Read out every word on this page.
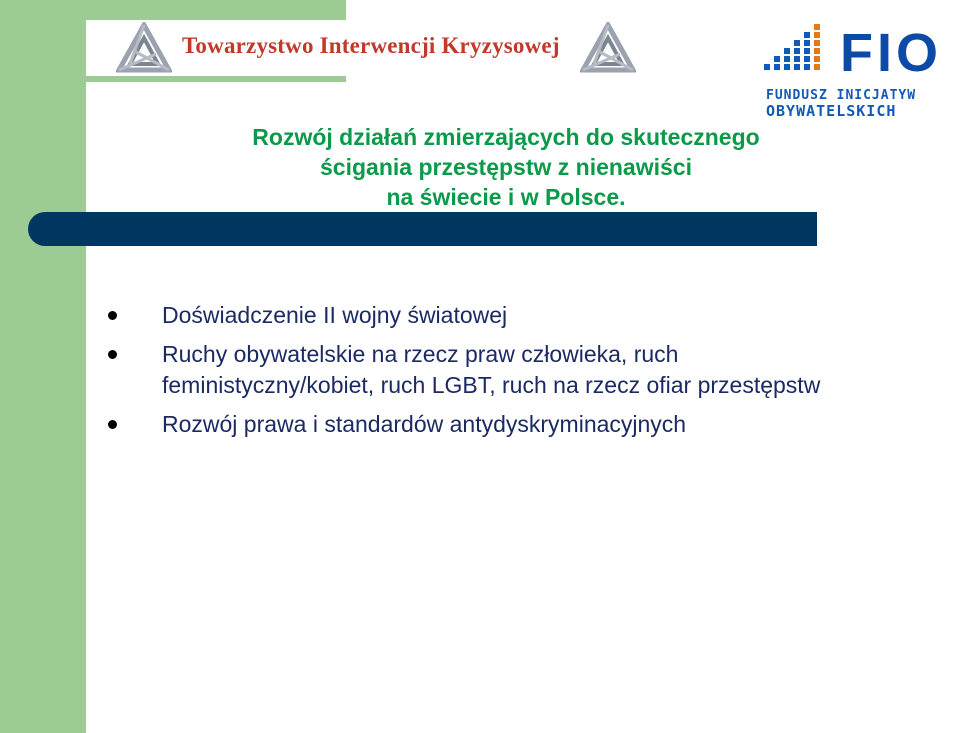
Towarzystwo Interwencji Kryzysowej	FIO
FUNDUSZ INICJATYW
OBYWATELSKICH
Rozwój działań zmierzających do skutecznego
ścigania przestępstw z nienawiści
na świecie i w Polsce.
Doświadczenie II wojny światowej
Ruchy obywatelskie na rzecz praw człowieka, ruch feministyczny/kobiet, ruch LGBT, ruch na rzecz ofiar przestępstw
Rozwój prawa i standardów antydyskryminacyjnych
